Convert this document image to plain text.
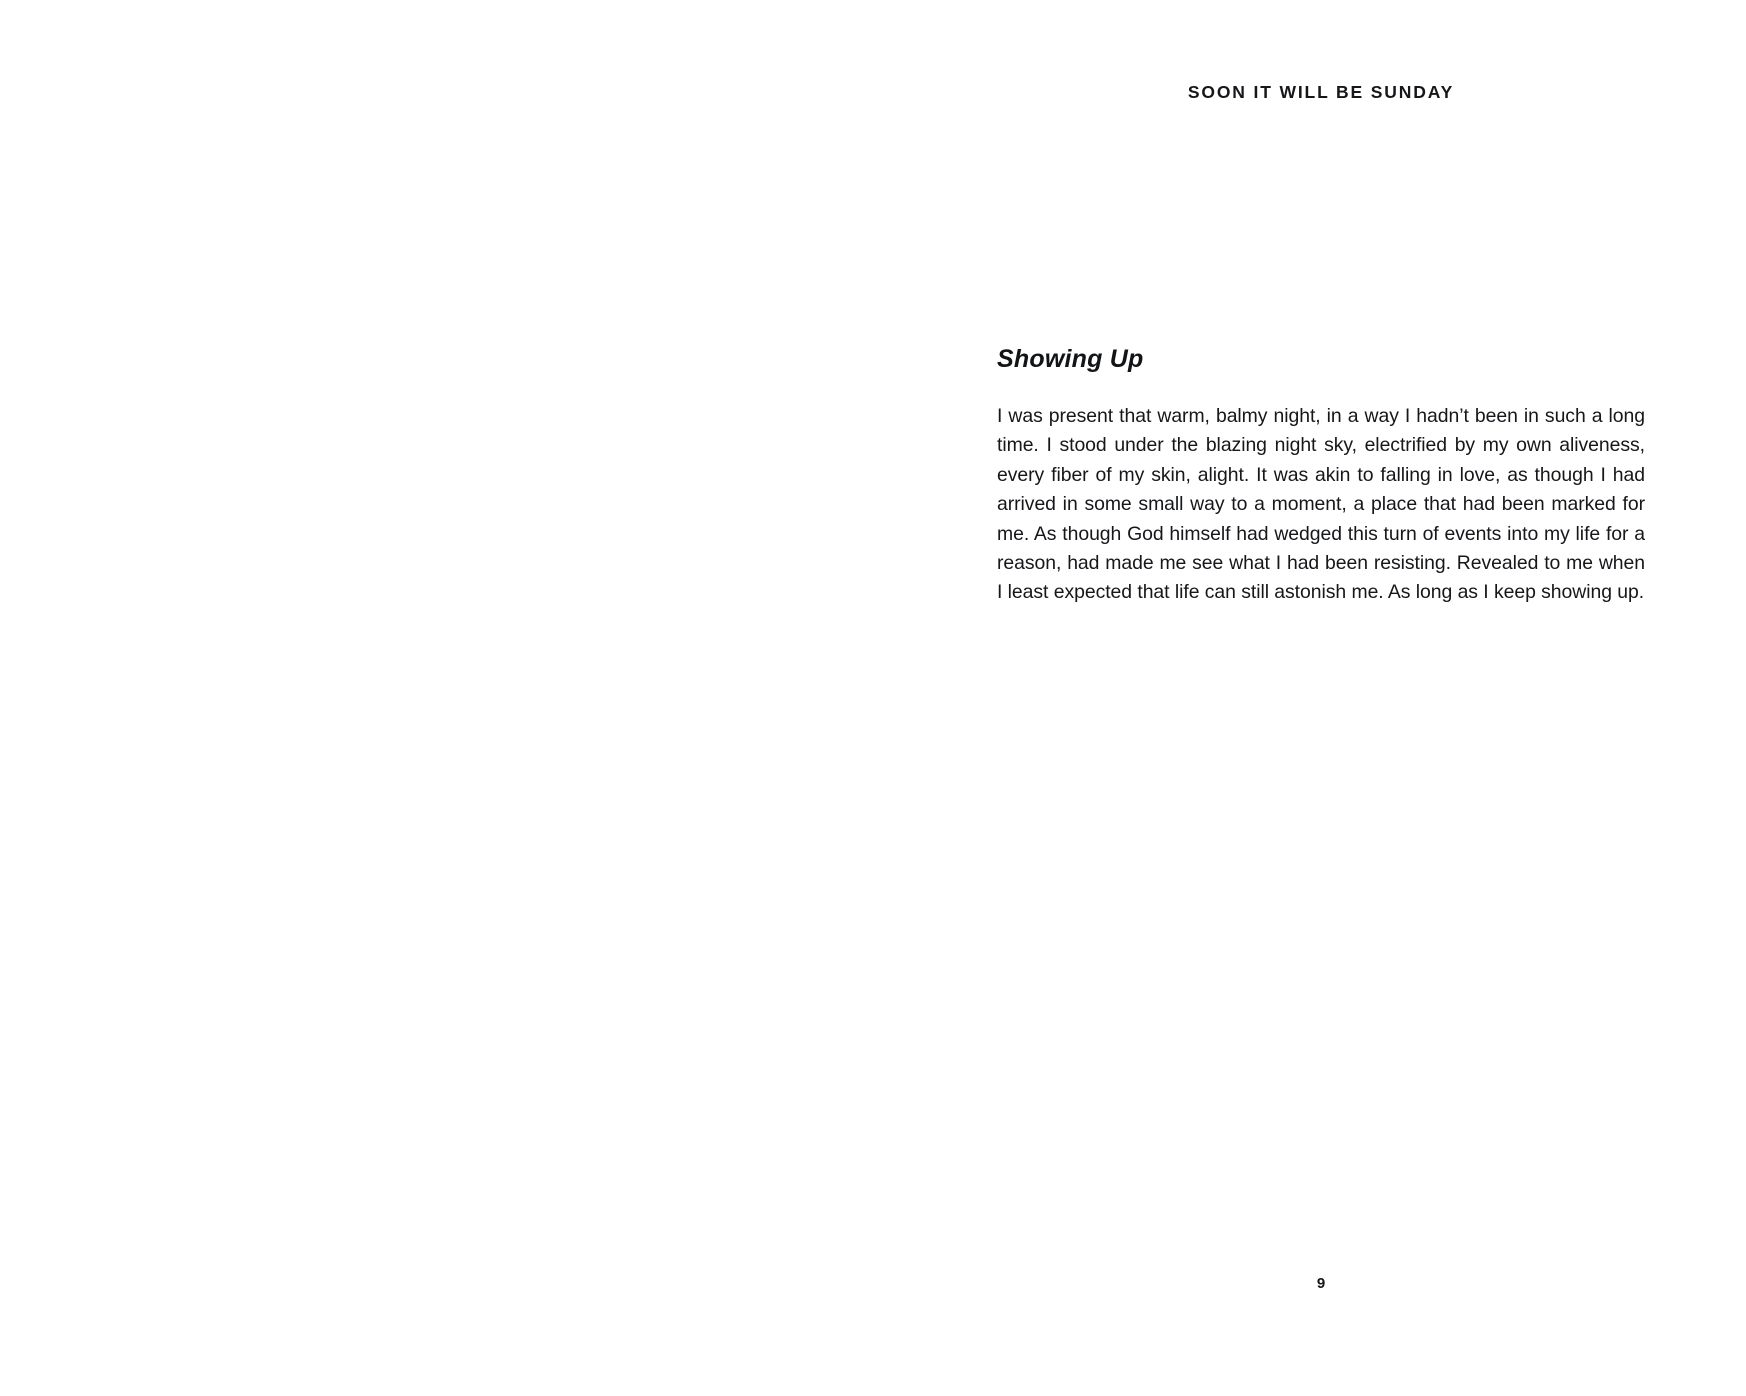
SOON IT WILL BE SUNDAY
Showing Up

I was present that warm, balmy night, in a way I hadn’t been in such a long time. I stood under the blazing night sky, electrified by my own aliveness, every fiber of my skin, alight. It was akin to falling in love, as though I had arrived in some small way to a moment, a place that had been marked for me. As though God himself had wedged this turn of events into my life for a reason, had made me see what I had been resisting. Revealed to me when I least expected that life can still astonish me. As long as I keep showing up.

9
